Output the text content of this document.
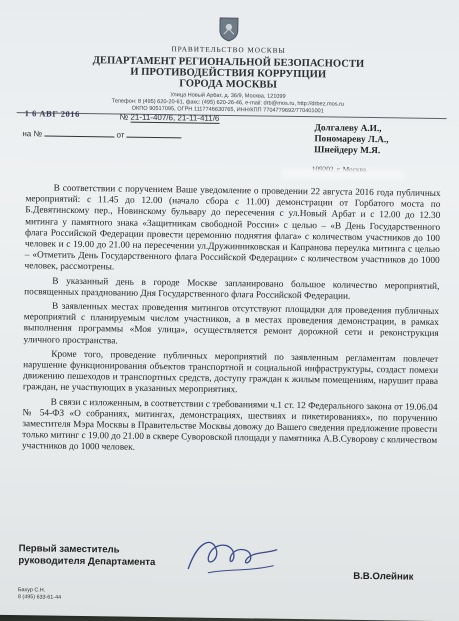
ПРАВИТЕЛЬСТВО МОСКВЫ
ДЕПАРТАМЕНТ РЕГИОНАЛЬНОЙ БЕЗОПАСНОСТИ
И ПРОТИВОДЕЙСТВИЯ КОРРУПЦИИ
ГОРОДА МОСКВЫ
Улица Новый Арбат, д. 36/9, Москва, 121099
Телефон: 8 (495) 620-20-61, факс: (495) 620-26-46, e-mail: drb@mos.ru, http://drbez.mos.ru
ОКПО 90517095, ОГРН 1117746630765, ИНН/КПП 7704779692/770401001
1 6 АВГ 2016	№ 21-11-407/6, 21-11-411/6
на №	от
Долгалеву А.И.,
Пономареву Л.А.,
Шнейдеру М.Я.

В соответствии с поручением Ваше уведомление о проведении 22 августа 2016 года публичных мероприятий: с 11.45 до 12.00 (начало сбора с 11.00) демонстрации от Горбатого моста по Б.Девятинскому пер., Новинскому бульвару до пересечения с ул.Новый Арбат и с 12.00 до 12.30 митинга у памятного знака «Защитникам свободной России» с целью – «В День Государственного флага Российской Федерации провести церемонию поднятия флага» с количеством участников до 100 человек и с 19.00 до 21.00 на пересечении ул.Дружинниковская и Капранова переулка митинга с целью – «Отметить День Государственного флага Российской Федерации» с количеством участников до 1000 человек, рассмотрены.

В указанный день в городе Москве запланировано большое количество мероприятий, посвященных празднованию Дня Государственного флага Российской Федерации.

В заявленных местах проведения митингов отсутствуют площадки для проведения публичных мероприятий с планируемым числом участников, а в местах проведения демонстрации, в рамках выполнения программы «Моя улица», осуществляется ремонт дорожной сети и реконструкция уличного пространства.

Кроме того, проведение публичных мероприятий по заявленным регламентам повлечет нарушение функционирования объектов транспортной и социальной инфраструктуры, создаст помехи движению пешеходов и транспортных средств, доступу граждан к жилым помещениям, нарушит права граждан, не участвующих в указанных мероприятиях.

В связи с изложенным, в соответствии с требованиями ч.1 ст. 12 Федерального закона от 19.06.04 № 54-ФЗ «О собраниях, митингах, демонстрациях, шествиях и пикетированиях», по поручению заместителя Мэра Москвы в Правительстве Москвы довожу до Вашего сведения предложение провести только митинг с 19.00 до 21.00 в сквере Суворовской площади у памятника А.В.Суворову с количеством участников до 1000 человек.

Первый заместитель
руководителя Департамента
В.В.Олейник
Бахур С.Н.
8 (495) 633-61-44
